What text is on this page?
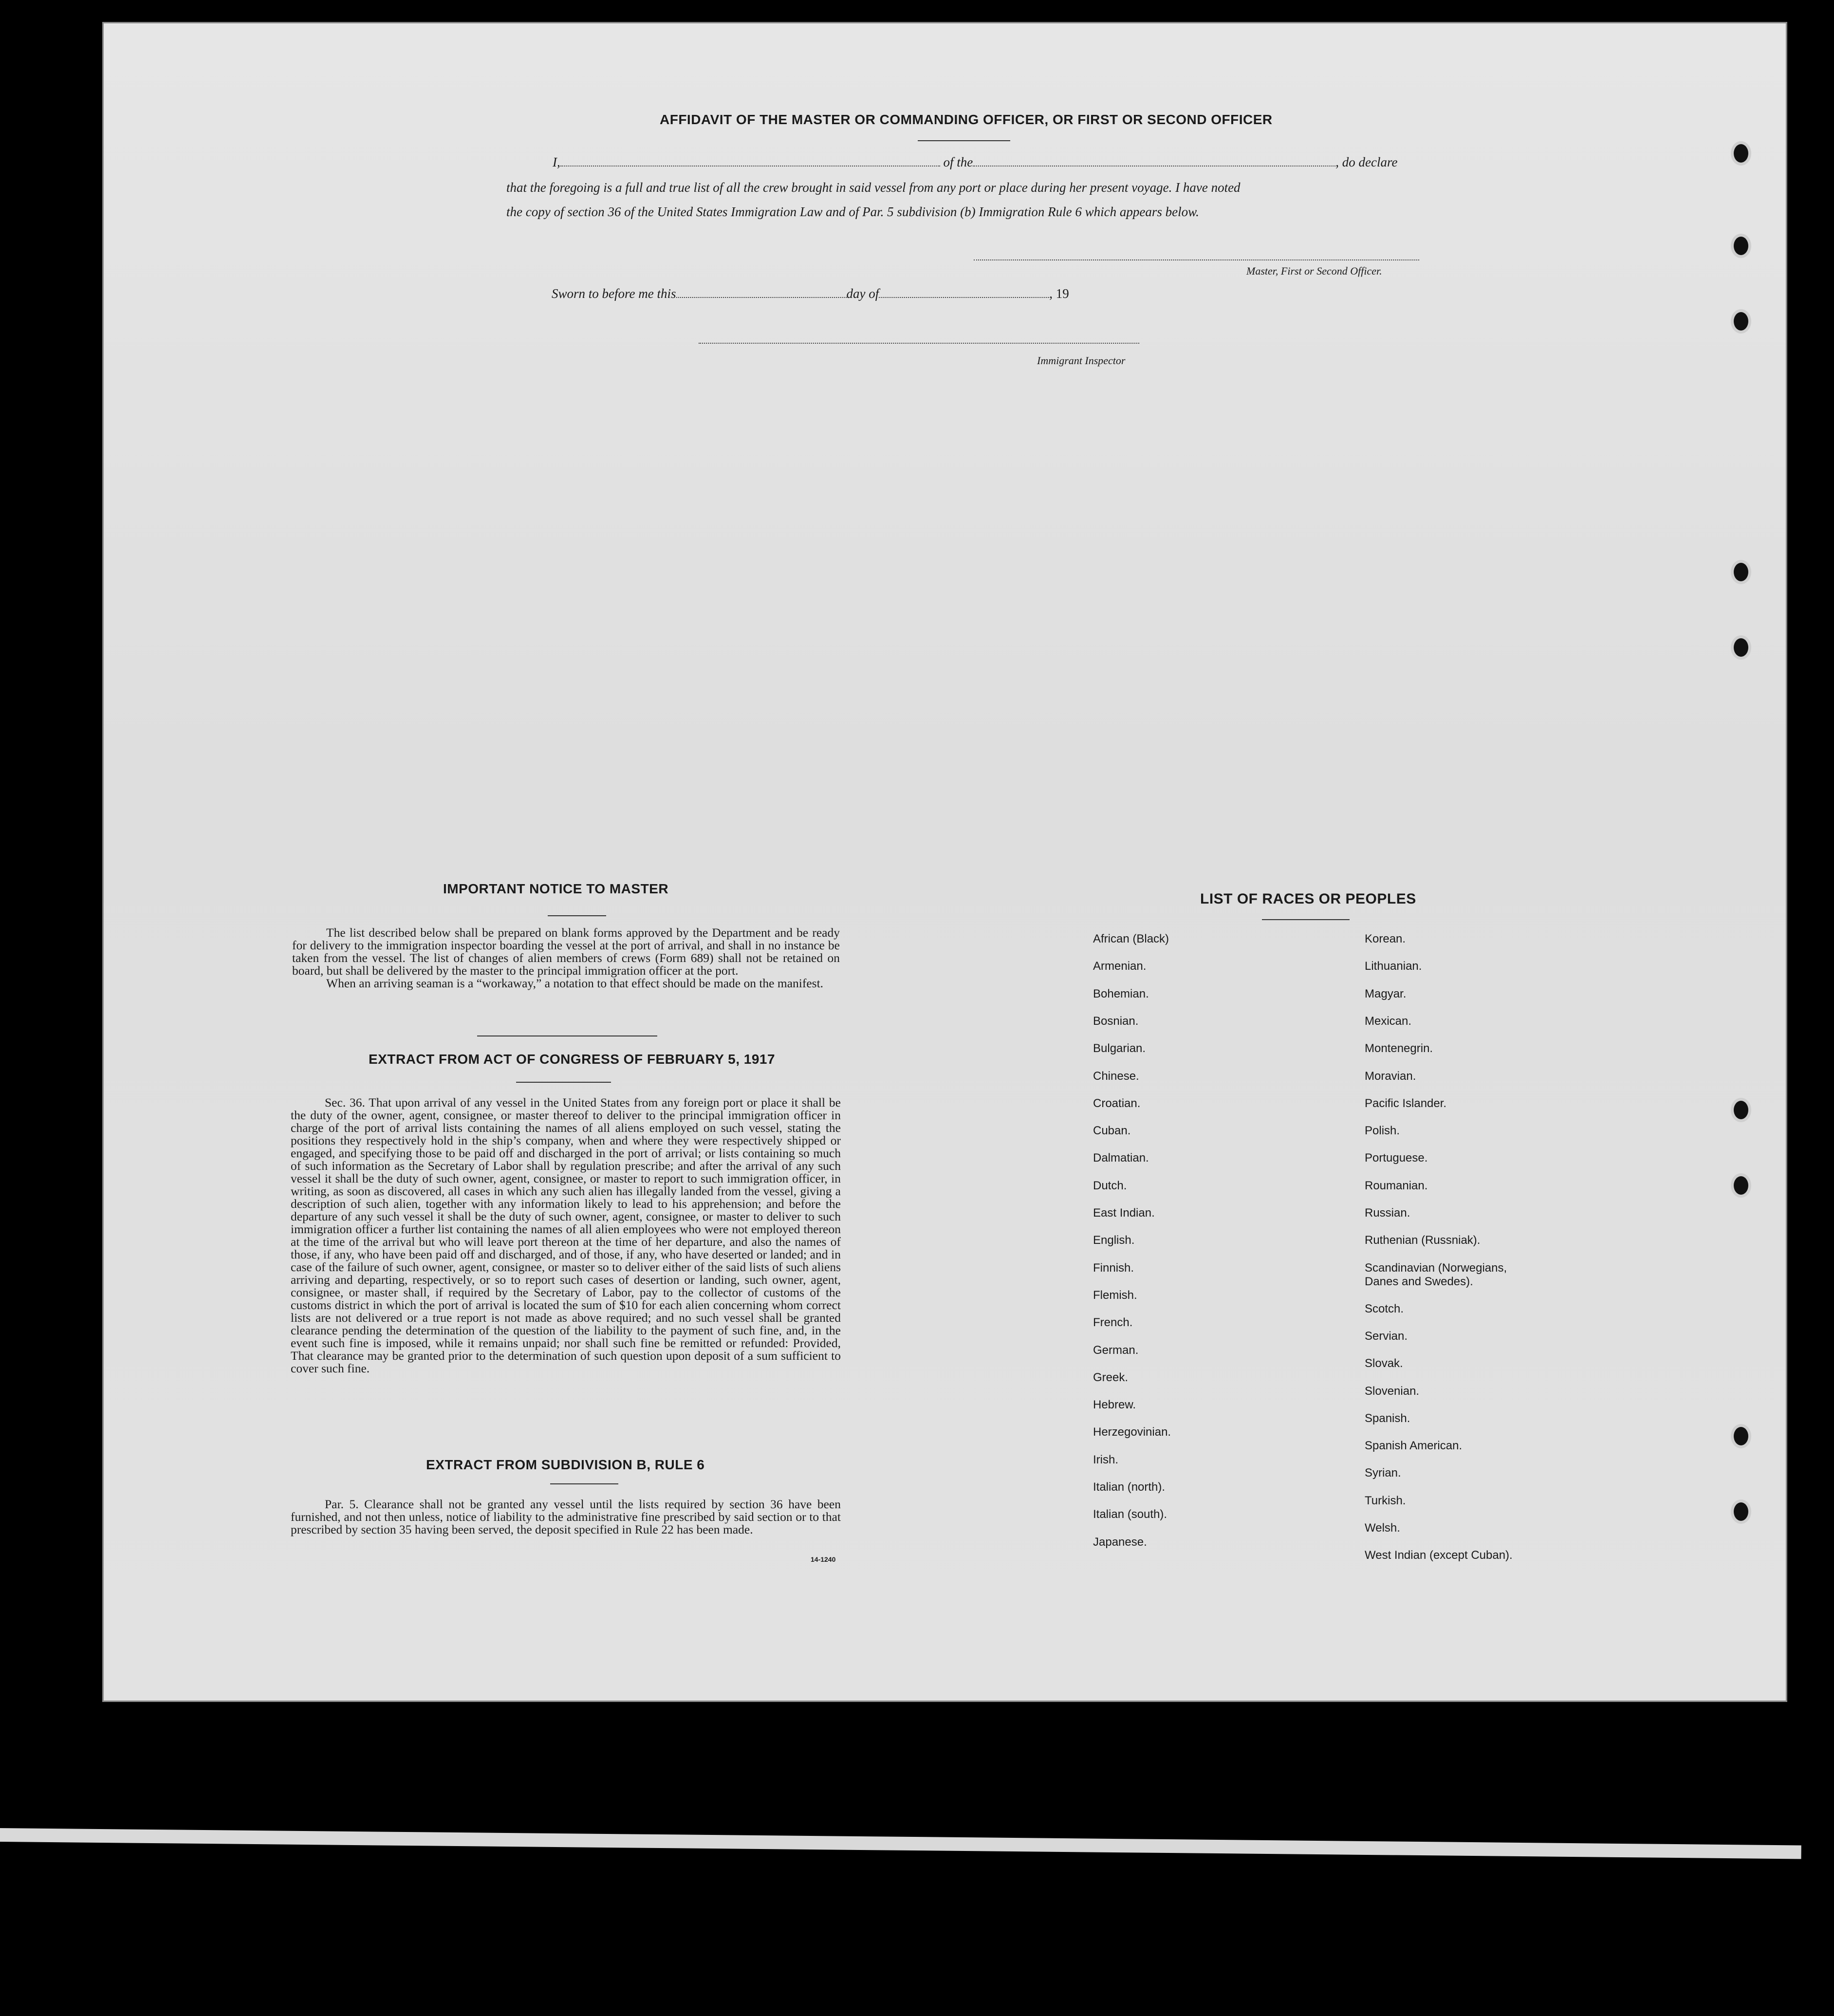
AFFIDAVIT OF THE MASTER OR COMMANDING OFFICER, OR FIRST OR SECOND OFFICER
I,	of the	, do declare
that the foregoing is a full and true list of all the crew brought in said vessel from any port or place during her present voyage. I have noted
the copy of section 36 of the United States Immigration Law and of Par. 5 subdivision (b) Immigration Rule 6 which appears below.
Master, First or Second Officer.
Sworn to before me this	day of	, 19
Immigrant Inspector
IMPORTANT NOTICE TO MASTER

The list described below shall be prepared on blank forms approved by the Department and be ready for delivery to the immigration inspector boarding the vessel at the port of arrival, and shall in no instance be taken from the vessel. The list of changes of alien members of crews (Form 689) shall not be retained on board, but shall be delivered by the master to the principal immigration officer at the port.

When an arriving seaman is a “workaway,” a notation to that effect should be made on the manifest.

EXTRACT FROM ACT OF CONGRESS OF FEBRUARY 5, 1917

Sec. 36. That upon arrival of any vessel in the United States from any foreign port or place it shall be the duty of the owner, agent, consignee, or master thereof to deliver to the principal immigration officer in charge of the port of arrival lists containing the names of all aliens employed on such vessel, stating the positions they respectively hold in the ship’s company, when and where they were respectively shipped or engaged, and specifying those to be paid off and discharged in the port of arrival; or lists containing so much of such information as the Secretary of Labor shall by regulation prescribe; and after the arrival of any such vessel it shall be the duty of such owner, agent, consignee, or master to report to such immigration officer, in writing, as soon as discovered, all cases in which any such alien has illegally landed from the vessel, giving a description of such alien, together with any information likely to lead to his apprehension; and before the departure of any such vessel it shall be the duty of such owner, agent, consignee, or master to deliver to such immigration officer a further list containing the names of all alien employees who were not employed thereon at the time of the arrival but who will leave port thereon at the time of her departure, and also the names of those, if any, who have been paid off and discharged, and of those, if any, who have deserted or landed; and in case of the failure of such owner, agent, consignee, or master so to deliver either of the said lists of such aliens arriving and departing, respectively, or so to report such cases of desertion or landing, such owner, agent, consignee, or master shall, if required by the Secretary of Labor, pay to the collector of customs of the customs district in which the port of arrival is located the sum of $10 for each alien concerning whom correct lists are not delivered or a true report is not made as above required; and no such vessel shall be granted clearance pending the determination of the question of the liability to the payment of such fine, and, in the event such fine is imposed, while it remains unpaid; nor shall such fine be remitted or refunded: Provided, That clearance may be granted prior to the determination of such question upon deposit of a sum sufficient to cover such fine.

EXTRACT FROM SUBDIVISION B, RULE 6

Par. 5. Clearance shall not be granted any vessel until the lists required by section 36 have been furnished, and not then unless, notice of liability to the administrative fine prescribed by said section or to that prescribed by section 35 having been served, the deposit specified in Rule 22 has been made.

14-1240
LIST OF RACES OR PEOPLES
African (Black)
Armenian.
Bohemian.
Bosnian.
Bulgarian.
Chinese.
Croatian.
Cuban.
Dalmatian.
Dutch.
East Indian.
English.
Finnish.
Flemish.
French.
German.
Greek.
Hebrew.
Herzegovinian.
Irish.
Italian (north).
Italian (south).
Japanese.
Korean.
Lithuanian.
Magyar.
Mexican.
Montenegrin.
Moravian.
Pacific Islander.
Polish.
Portuguese.
Roumanian.
Russian.
Ruthenian (Russniak).
Scandinavian (Norwegians,
Danes and Swedes).
Scotch.
Servian.
Slovak.
Slovenian.
Spanish.
Spanish American.
Syrian.
Turkish.
Welsh.
West Indian (except Cuban).
